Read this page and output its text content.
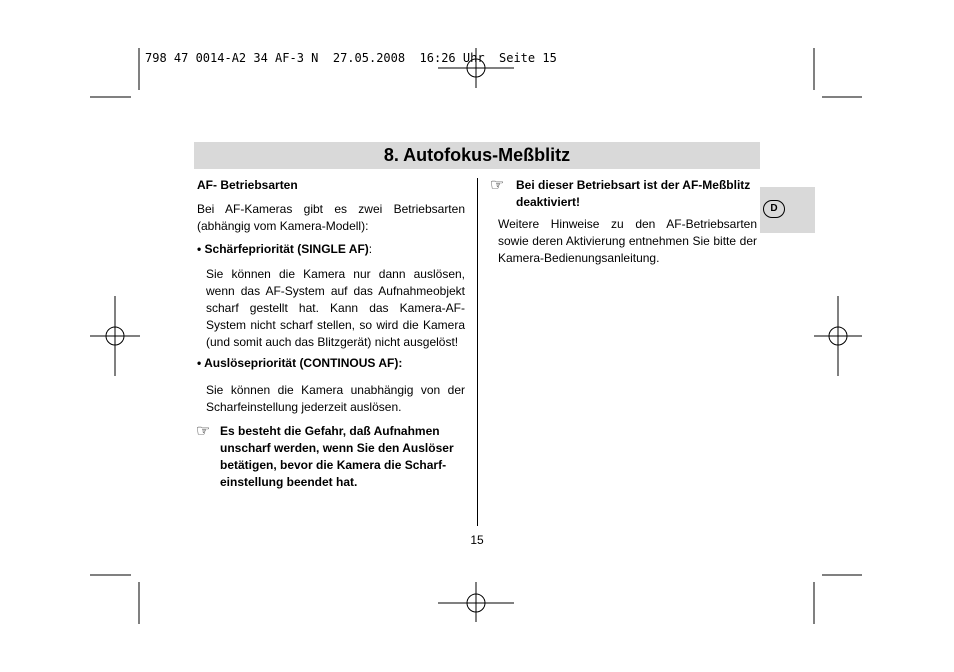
798 47 0014-A2 34 AF-3 N  27.05.2008  16:26 Uhr  Seite 15
8. Autofokus-Meßblitz
D
AF- Betriebsarten
Bei AF-Kameras gibt es zwei Betriebsarten (abhängig vom Kamera-Modell):
• Schärfepriorität (SINGLE AF):
Sie können die Kamera nur dann auslösen, wenn das AF-System auf das Aufnahmeobjekt scharf gestellt hat. Kann das Kamera-AF-System nicht scharf stellen, so wird die Kamera (und somit auch das Blitzgerät) nicht ausgelöst!
• Auslösepriorität (CONTINOUS AF):
Sie können die Kamera unabhängig von der Scharfeinstellung jederzeit auslösen.
☞ Es besteht die Gefahr, daß Aufnahmen unscharf werden, wenn Sie den Auslöser betätigen, bevor die Kamera die Scharf-einstellung beendet hat.
☞ Bei dieser Betriebsart ist der AF-Meßblitz deaktiviert!
Weitere Hinweise zu den AF-Betriebsarten sowie deren Aktivierung entnehmen Sie bitte der Kamera-Bedienungsanleitung.
15
